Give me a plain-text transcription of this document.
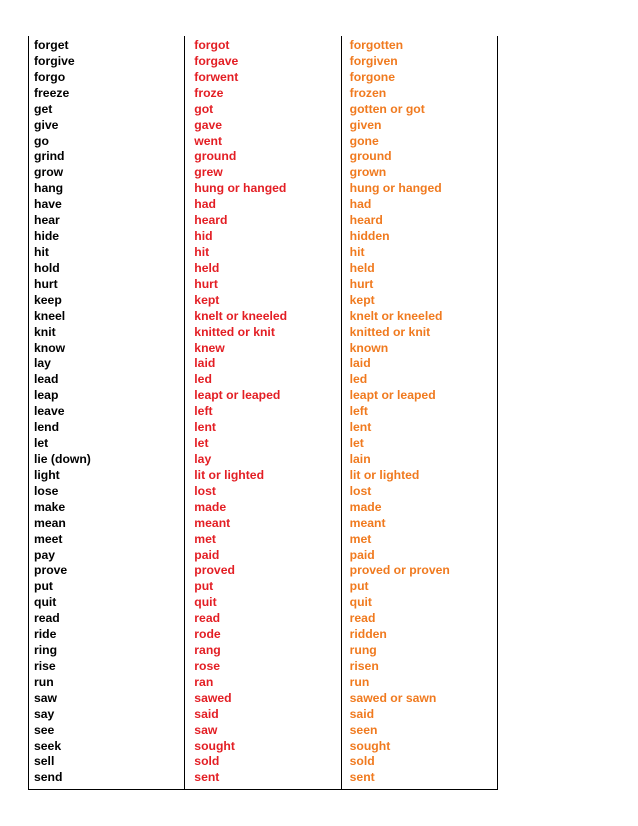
forget	forgot	forgotten
forgive	forgave	forgiven
forgo	forwent	forgone
freeze	froze	frozen
get	got	gotten or got
give	gave	given
go	went	gone
grind	ground	ground
grow	grew	grown
hang	hung or hanged	hung or hanged
have	had	had
hear	heard	heard
hide	hid	hidden
hit	hit	hit
hold	held	held
hurt	hurt	hurt
keep	kept	kept
kneel	knelt or kneeled	knelt or kneeled
knit	knitted or knit	knitted or knit
know	knew	known
lay	laid	laid
lead	led	led
leap	leapt or leaped	leapt or leaped
leave	left	left
lend	lent	lent
let	let	let
lie (down)	lay	lain
light	lit or lighted	lit or lighted
lose	lost	lost
make	made	made
mean	meant	meant
meet	met	met
pay	paid	paid
prove	proved	proved or proven
put	put	put
quit	quit	quit
read	read	read
ride	rode	ridden
ring	rang	rung
rise	rose	risen
run	ran	run
saw	sawed	sawed or sawn
say	said	said
see	saw	seen
seek	sought	sought
sell	sold	sold
send	sent	sent
